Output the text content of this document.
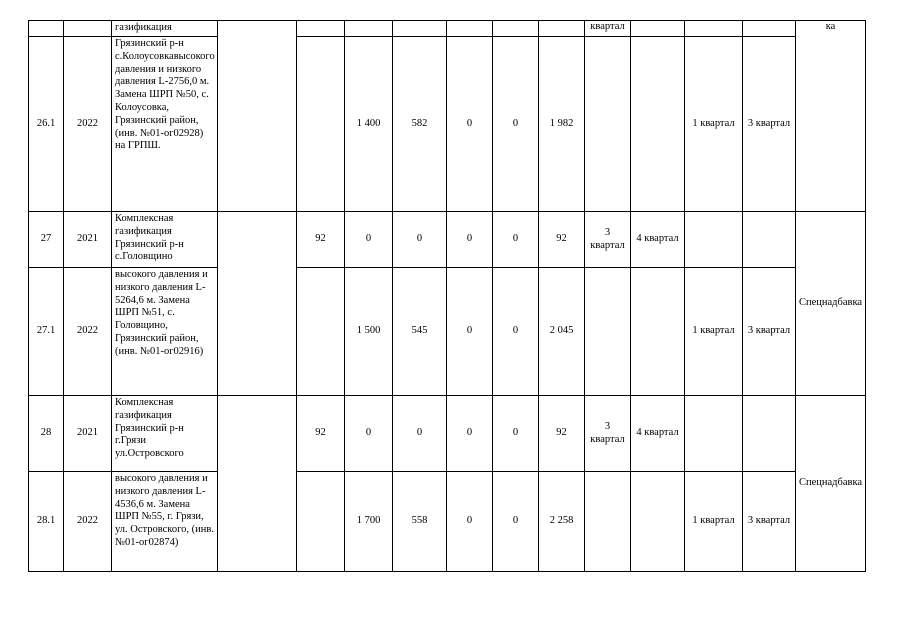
		газификация								квартал				ка
26.1	2022	Грязинский р-н с.Колоусовкавысокого давления и низкого давления L-2756,0 м. Замена ШРП №50, с. Колоусовка, Грязинский район, (инв. №01-ог02928) на ГРПШ.			1 400	582	0	0	1 982			1 квартал	3 квартал	
27	2021	Комплексная газификация Грязинский р-н с.Головщино		92	0	0	0	0	92	3 квартал	4 квартал			Спецнадбавка
27.1	2022	высокого давления и низкого давления L-5264,6 м. Замена ШРП №51, с. Головщино, Грязинский район, (инв. №01-ог02916)			1 500	545	0	0	2 045			1 квартал	3 квартал	
28	2021	Комплексная газификация Грязинский р-н г.Грязи ул.Островского		92	0	0	0	0	92	3 квартал	4 квартал			Спецнадбавка
28.1	2022	высокого давления и низкого давления L-4536,6 м. Замена ШРП №55, г. Грязи, ул. Островского, (инв. №01-ог02874)			1 700	558	0	0	2 258			1 квартал	3 квартал	
